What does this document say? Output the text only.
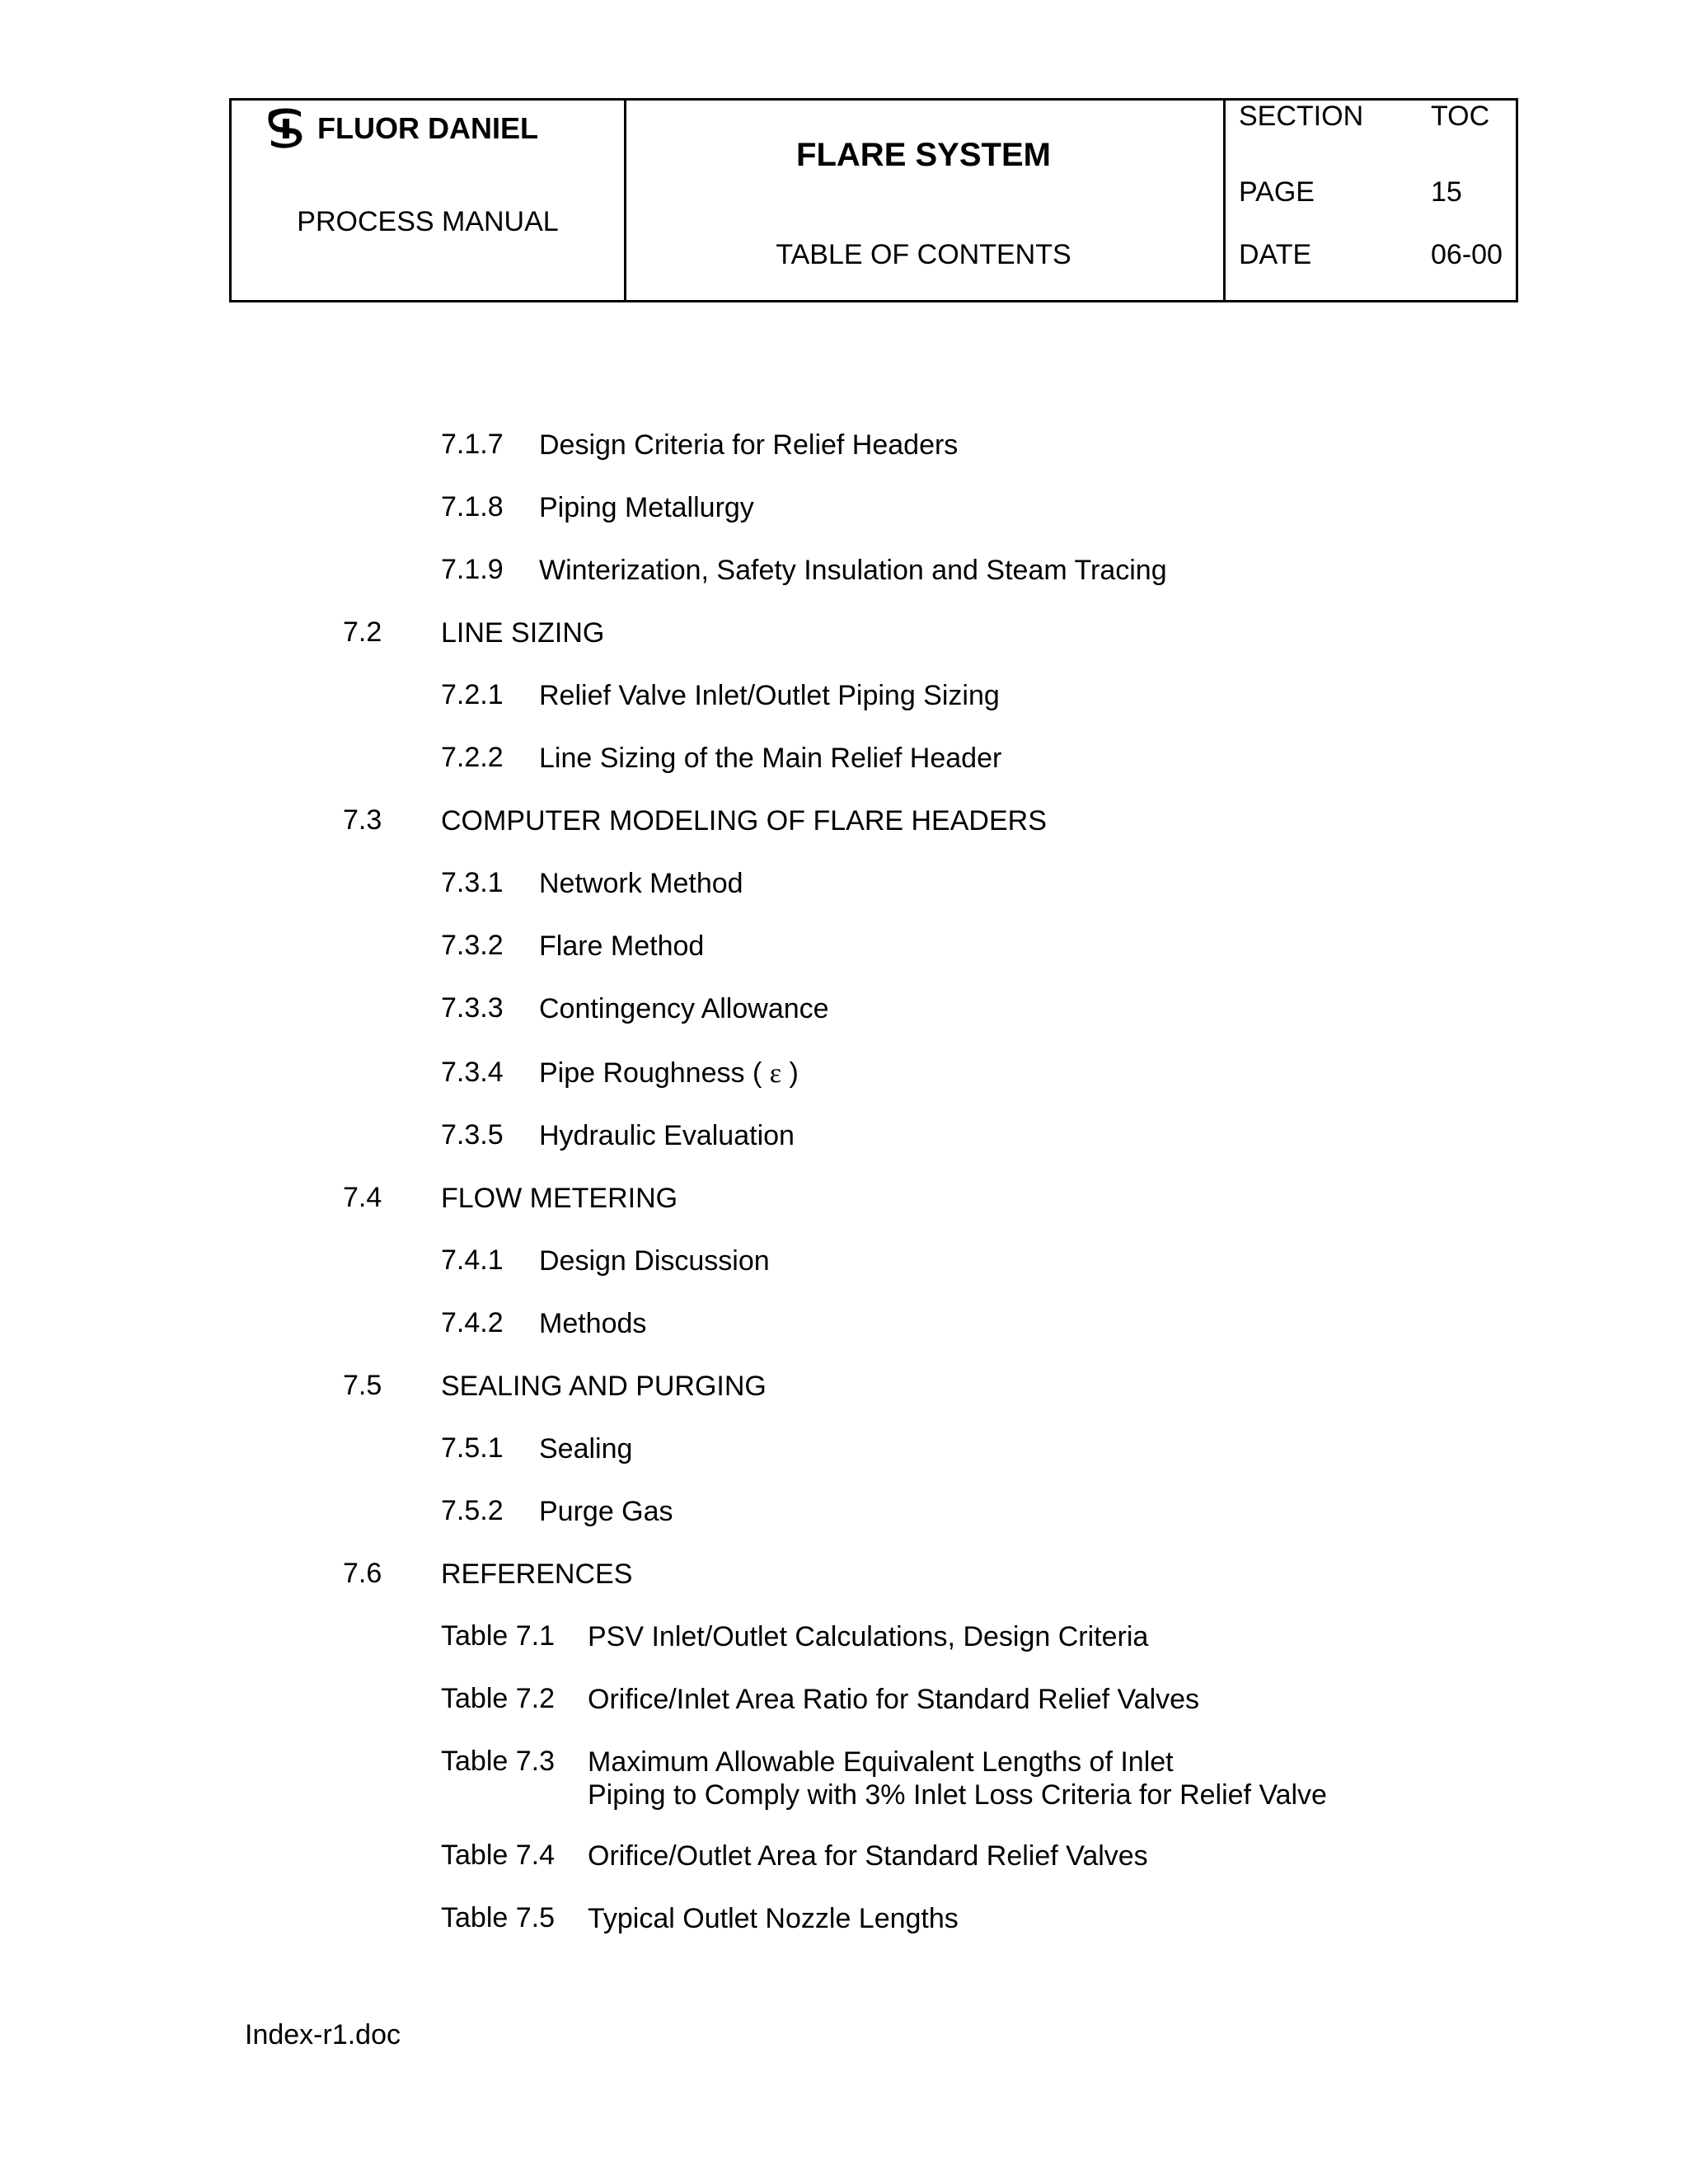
FLUOR DANIEL
PROCESS MANUAL
FLARE SYSTEM
TABLE OF CONTENTS
SECTION TOC
PAGE	15
DATE	06-00
7.1.7 Design Criteria for Relief Headers
7.1.8 Piping Metallurgy
7.1.9 Winterization, Safety Insulation and Steam Tracing
7.2 LINE SIZING
7.2.1 Relief Valve Inlet/Outlet Piping Sizing
7.2.2 Line Sizing of the Main Relief Header
7.3 COMPUTER MODELING OF FLARE HEADERS
7.3.1 Network Method
7.3.2 Flare Method
7.3.3 Contingency Allowance
7.3.4 Pipe Roughness ( ε )
7.3.5 Hydraulic Evaluation
7.4 FLOW METERING
7.4.1 Design Discussion
7.4.2 Methods
7.5 SEALING AND PURGING
7.5.1 Sealing
7.5.2 Purge Gas
7.6 REFERENCES
Table 7.1 PSV Inlet/Outlet Calculations, Design Criteria
Table 7.2 Orifice/Inlet Area Ratio for Standard Relief Valves
Table 7.3 Maximum Allowable Equivalent Lengths of Inlet
Piping to Comply with 3% Inlet Loss Criteria for Relief Valve
Table 7.4 Orifice/Outlet Area for Standard Relief Valves
Table 7.5 Typical Outlet Nozzle Lengths
Index-r1.doc
